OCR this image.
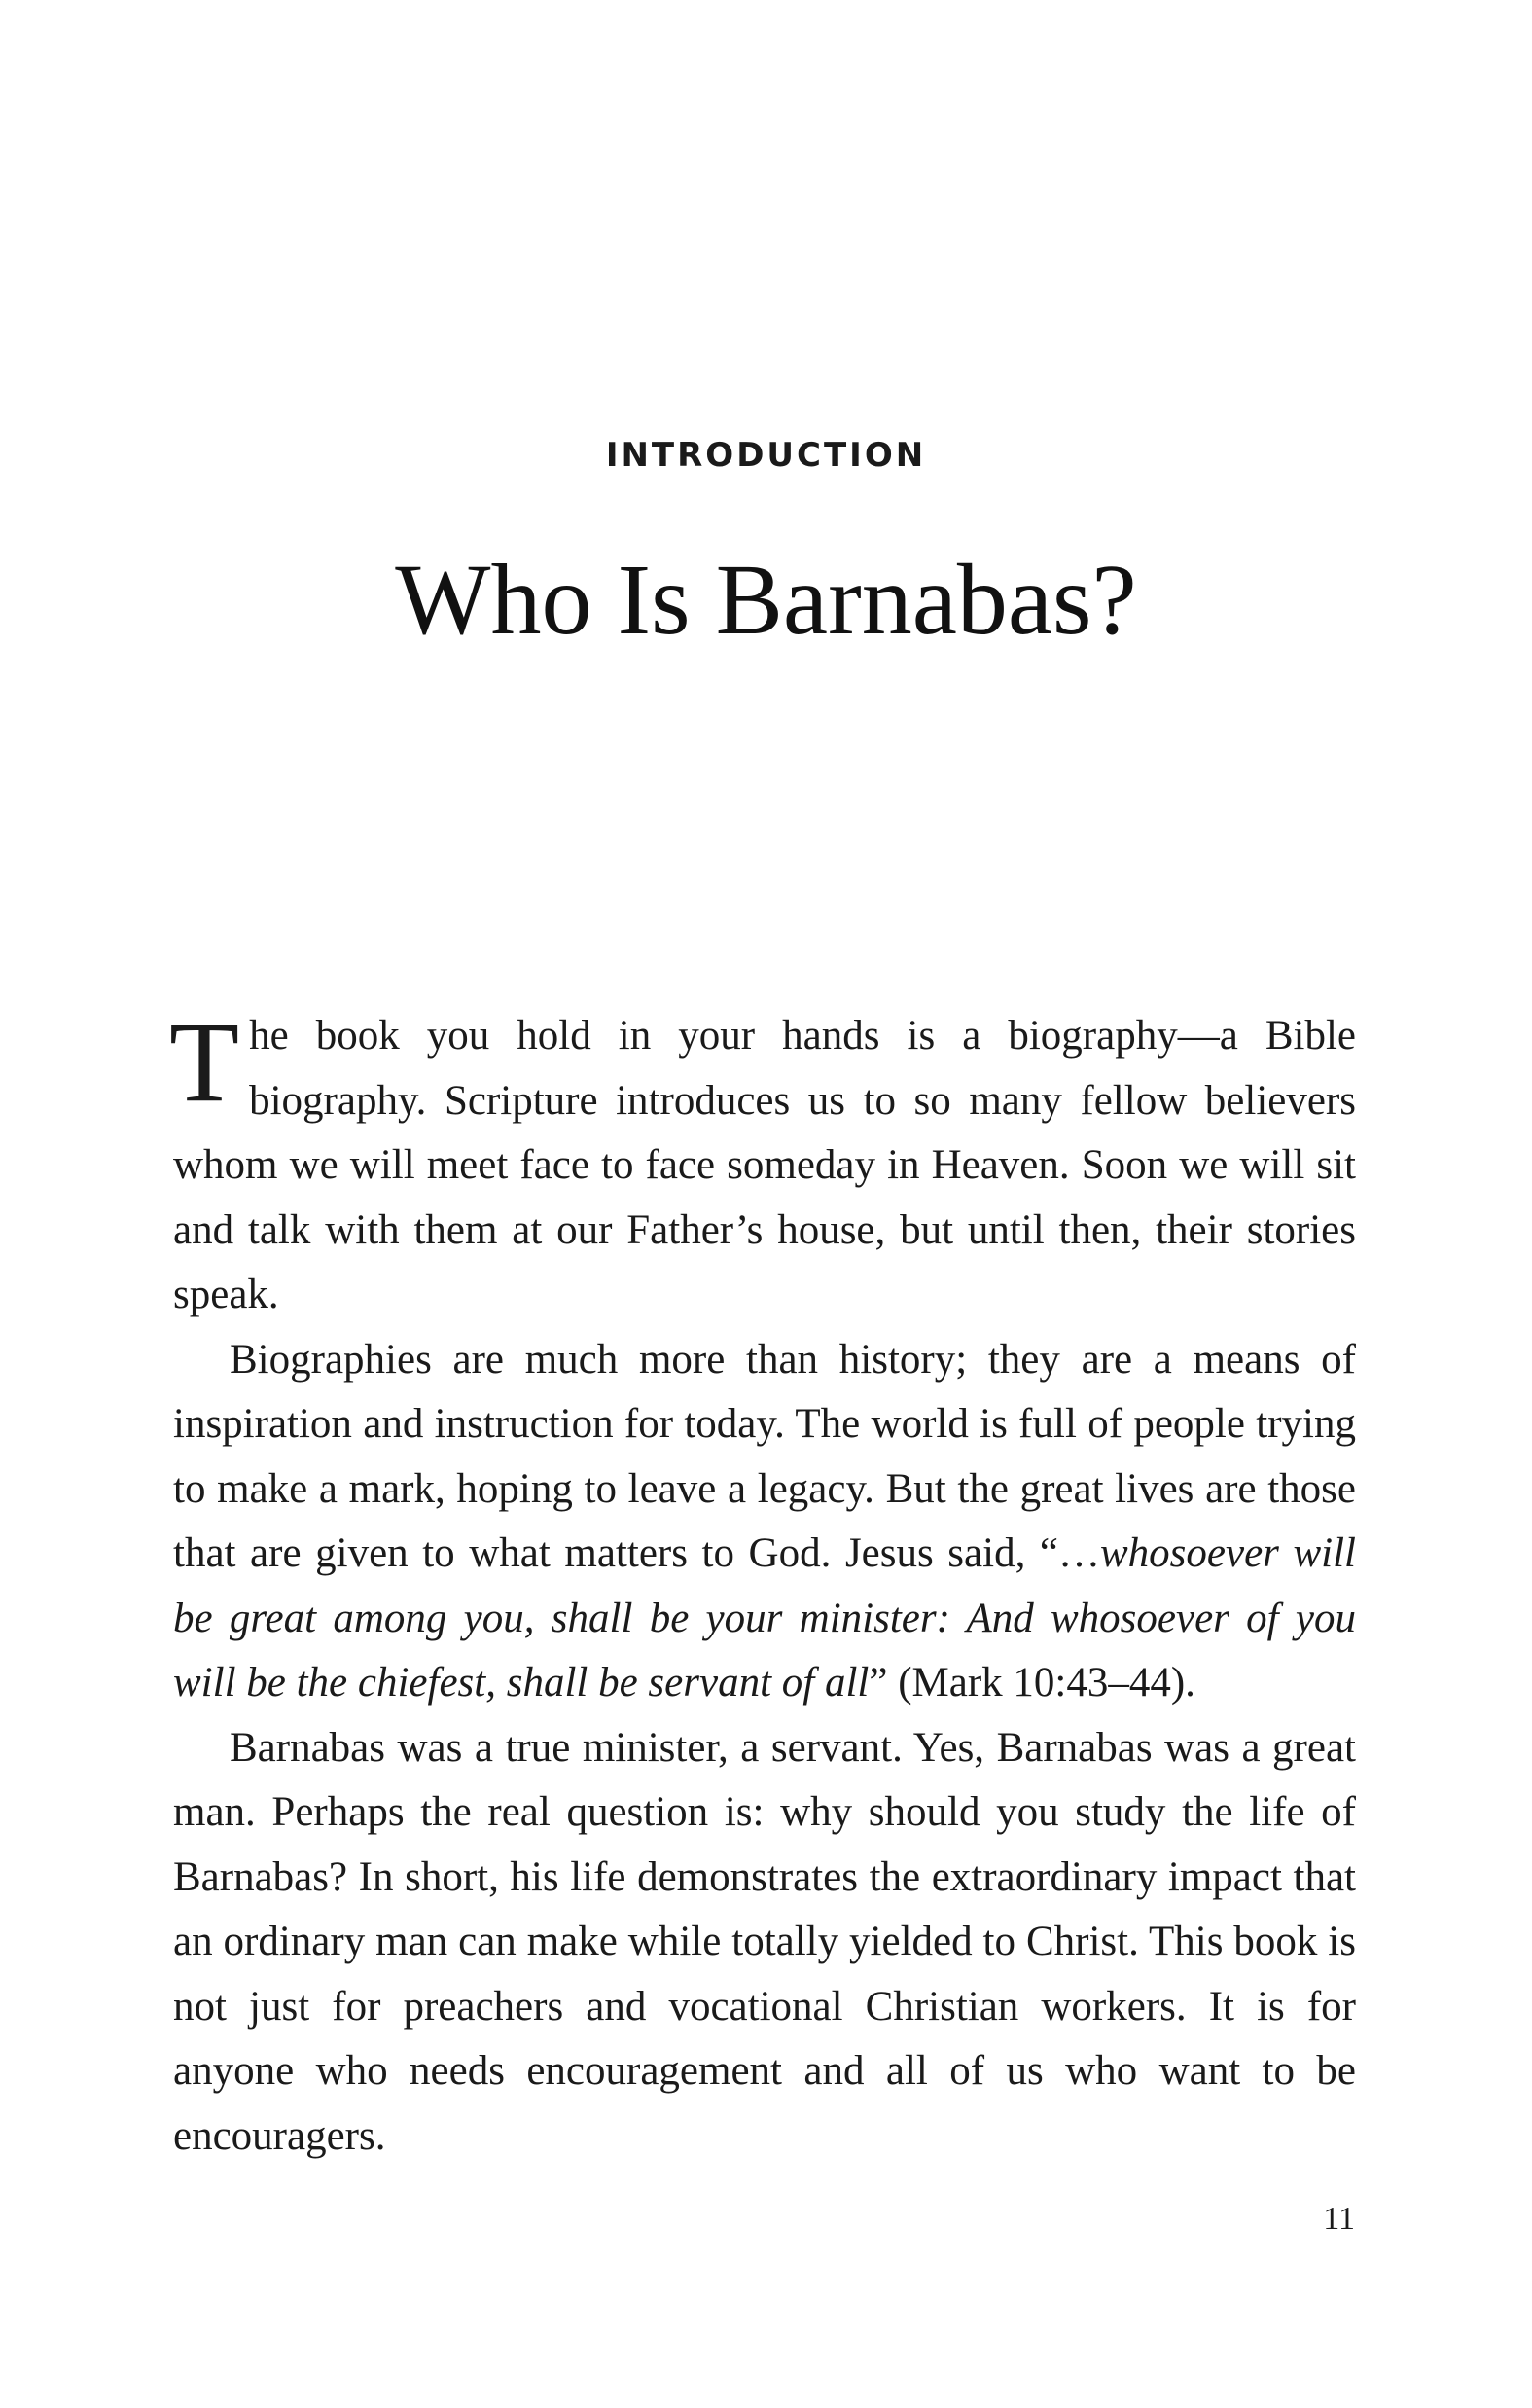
INTRODUCTION
Who Is Barnabas?

The book you hold in your hands is a biography—a Bible biography. Scripture introduces us to so many fellow believers whom we will meet face to face someday in Heaven. Soon we will sit and talk with them at our Father’s house, but until then, their stories speak.

Biographies are much more than history; they are a means of inspiration and instruction for today. The world is full of people trying to make a mark, hoping to leave a legacy. But the great lives are those that are given to what matters to God. Jesus said, “…whosoever will be great among you, shall be your minister: And whosoever of you will be the chiefest, shall be servant of all” (Mark 10:43–44).

Barnabas was a true minister, a servant. Yes, Barnabas was a great man. Perhaps the real question is: why should you study the life of Barnabas? In short, his life demonstrates the extraordinary impact that an ordinary man can make while totally yielded to Christ. This book is not just for preachers and vocational Christian workers. It is for anyone who needs encouragement and all of us who want to be encouragers.

11
